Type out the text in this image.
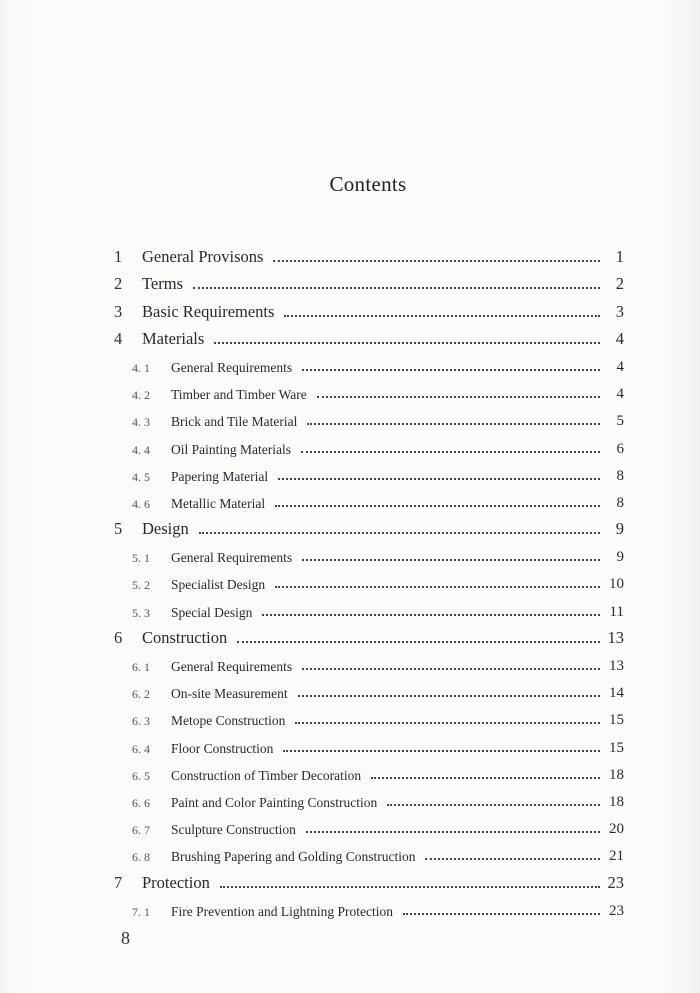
Contents
1	General Provisons	1
2	Terms	2
3	Basic Requirements	3
4	Materials	4
4. 1	General Requirements	4
4. 2	Timber and Timber Ware	4
4. 3	Brick and Tile Material	5
4. 4	Oil Painting Materials	6
4. 5	Papering Material	8
4. 6	Metallic Material	8
5	Design	9
5. 1	General Requirements	9
5. 2	Specialist Design	10
5. 3	Special Design	11
6	Construction	13
6. 1	General Requirements	13
6. 2	On-site Measurement	14
6. 3	Metope Construction	15
6. 4	Floor Construction	15
6. 5	Construction of Timber Decoration	18
6. 6	Paint and Color Painting Construction	18
6. 7	Sculpture Construction	20
6. 8	Brushing Papering and Golding Construction	21
7	Protection	23
7. 1	Fire Prevention and Lightning Protection	23
8
